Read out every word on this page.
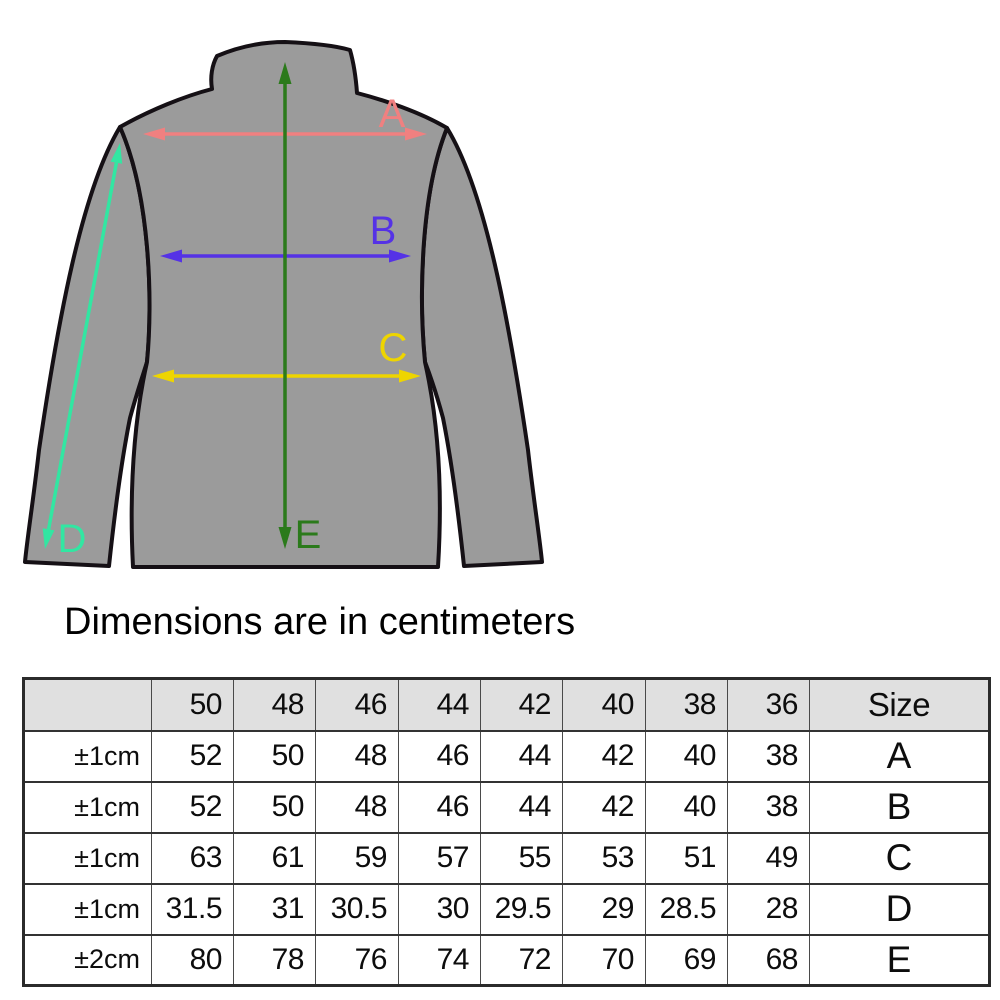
A
B
C
D	E
Dimensions are in centimeters
	50	48	46	44	42	40	38	36	Size
±1cm	52	50	48	46	44	42	40	38	A
±1cm	52	50	48	46	44	42	40	38	B
±1cm	63	61	59	57	55	53	51	49	C
±1cm	31.5	31	30.5	30	29.5	29	28.5	28	D
±2cm	80	78	76	74	72	70	69	68	E
